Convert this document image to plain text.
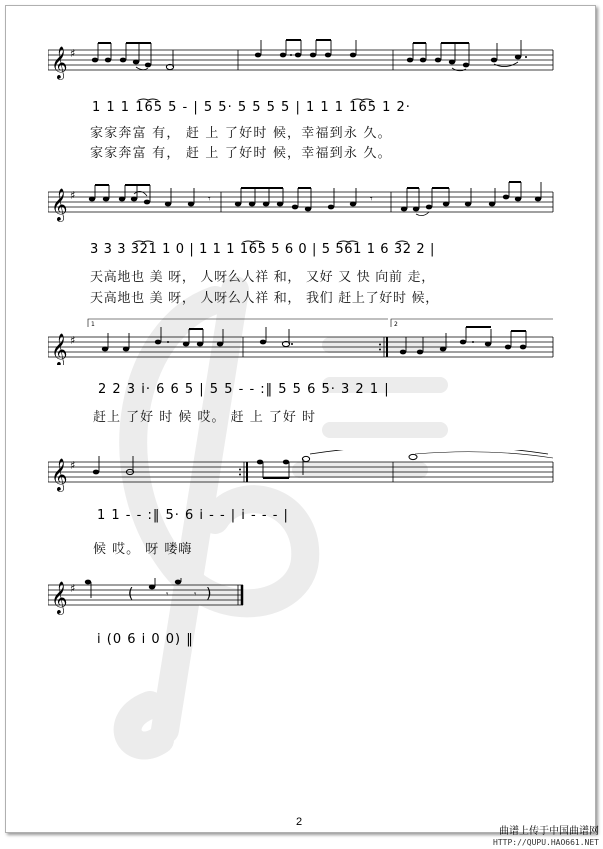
𝄞 ♯
1 1 1 1͡6͡5 5 - | 5 5· 5 5 5 5 | 1 1 1 1͡6͡5 1 2·
家家奔富 有， 赶 上 了好时 候，幸福到永 久。
家家奔富 有， 赶 上 了好时 候，幸福到永 久。
𝄞 ♯	𝄾	𝄾
3 3 3 3͡2͡1 1 0 | 1 1 1 1͡6͡5 5 6 0 | 5 5͡6͡1 1 6 3͡2 2 |
天高地也 美 呀， 人呀么人祥 和， 又好 又 快 向前 走，
天高地也 美 呀， 人呀么人祥 和， 我们 赶上了好时 候，
1	2
𝄞 ♯
2 2 3 i· 6 6 5 | 5 5 - - :‖ 5 5 6 5· 3 2 1 |
赶上 了好 时 候 哎。 赶 上 了好 时
𝄞 ♯
1 1 - - :‖ 5· 6 i - - | i - - - |
候 哎。 呀 喽嗨
𝄞 ♯	(	)
𝄾	𝄾
i (0 6 i 0 0) ‖
2
曲谱上传于中国曲谱网
HTTP://QUPU.HAO661.NET
